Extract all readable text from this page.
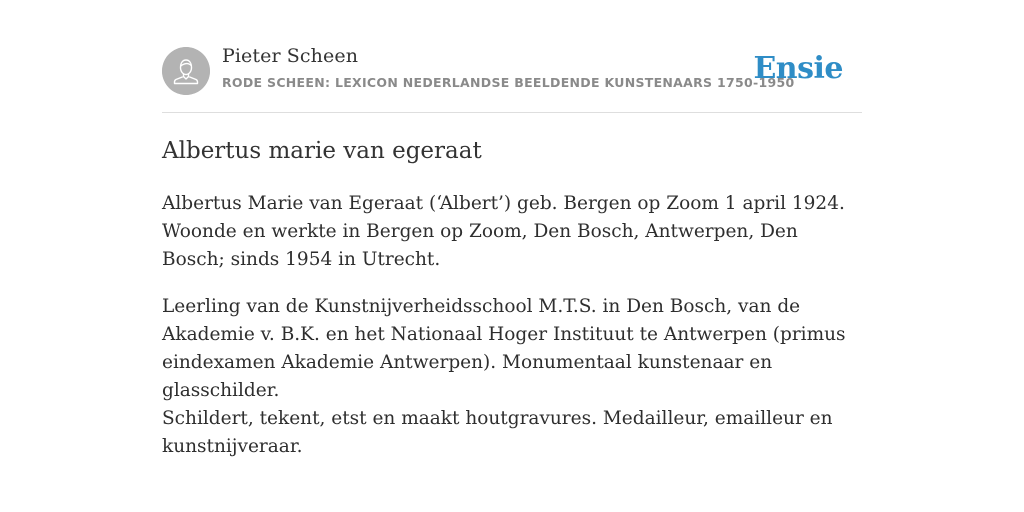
Pieter Scheen
RODE SCHEEN: LEXICON NEDERLANDSE BEELDENDE KUNSTENAARS 1750-1950
Ensie
Albertus marie van egeraat

Albertus Marie van Egeraat (‘Albert’) geb. Bergen op Zoom 1 april 1924. Woonde en werkte in Bergen op Zoom, Den Bosch, Antwerpen, Den Bosch; sinds 1954 in Utrecht.

Leerling van de Kunstnijverheidsschool M.T.S. in Den Bosch, van de Akademie v. B.K. en het Nationaal Hoger Instituut te Antwerpen (primus eindexamen Akademie Antwerpen). Monumentaal kunstenaar en glasschilder.

Schildert, tekent, etst en maakt houtgravures. Medailleur, emailleur en kunstnijveraar.
